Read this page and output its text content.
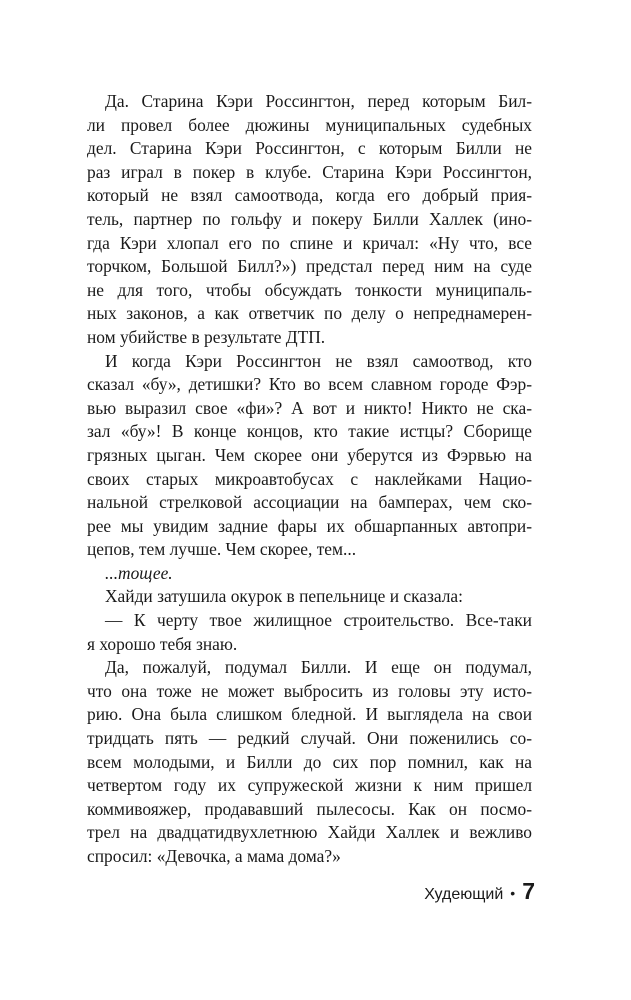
Да. Старина Кэри Россингтон, перед которым Бил-
ли провел более дюжины муниципальных судебных
дел. Старина Кэри Россингтон, с которым Билли не
раз играл в покер в клубе. Старина Кэри Россингтон,
который не взял самоотвода, когда его добрый прия-
тель, партнер по гольфу и покеру Билли Халлек (ино-
гда Кэри хлопал его по спине и кричал: «Ну что, все
торчком, Большой Билл?») предстал перед ним на суде
не для того, чтобы обсуждать тонкости муниципаль-
ных законов, а как ответчик по делу о непреднамерен-
ном убийстве в результате ДТП.
И когда Кэри Россингтон не взял самоотвод, кто
сказал «бу», детишки? Кто во всем славном городе Фэр-
вью выразил свое «фи»? А вот и никто! Никто не ска-
зал «бу»! В конце концов, кто такие истцы? Сборище
грязных цыган. Чем скорее они уберутся из Фэрвью на
своих старых микроавтобусах с наклейками Нацио-
нальной стрелковой ассоциации на бамперах, чем ско-
рее мы увидим задние фары их обшарпанных автопри-
цепов, тем лучше. Чем скорее, тем...
...тощее.
Хайди затушила окурок в пепельнице и сказала:
— К черту твое жилищное строительство. Все-таки
я хорошо тебя знаю.
Да, пожалуй, подумал Билли. И еще он подумал,
что она тоже не может выбросить из головы эту исто-
рию. Она была слишком бледной. И выглядела на свои
тридцать пять — редкий случай. Они поженились со-
всем молодыми, и Билли до сих пор помнил, как на
четвертом году их супружеской жизни к ним пришел
коммивояжер, продававший пылесосы. Как он посмо-
трел на двадцатидвухлетнюю Хайди Халлек и вежливо
спросил: «Девочка, а мама дома?»
Худеющий • 7
